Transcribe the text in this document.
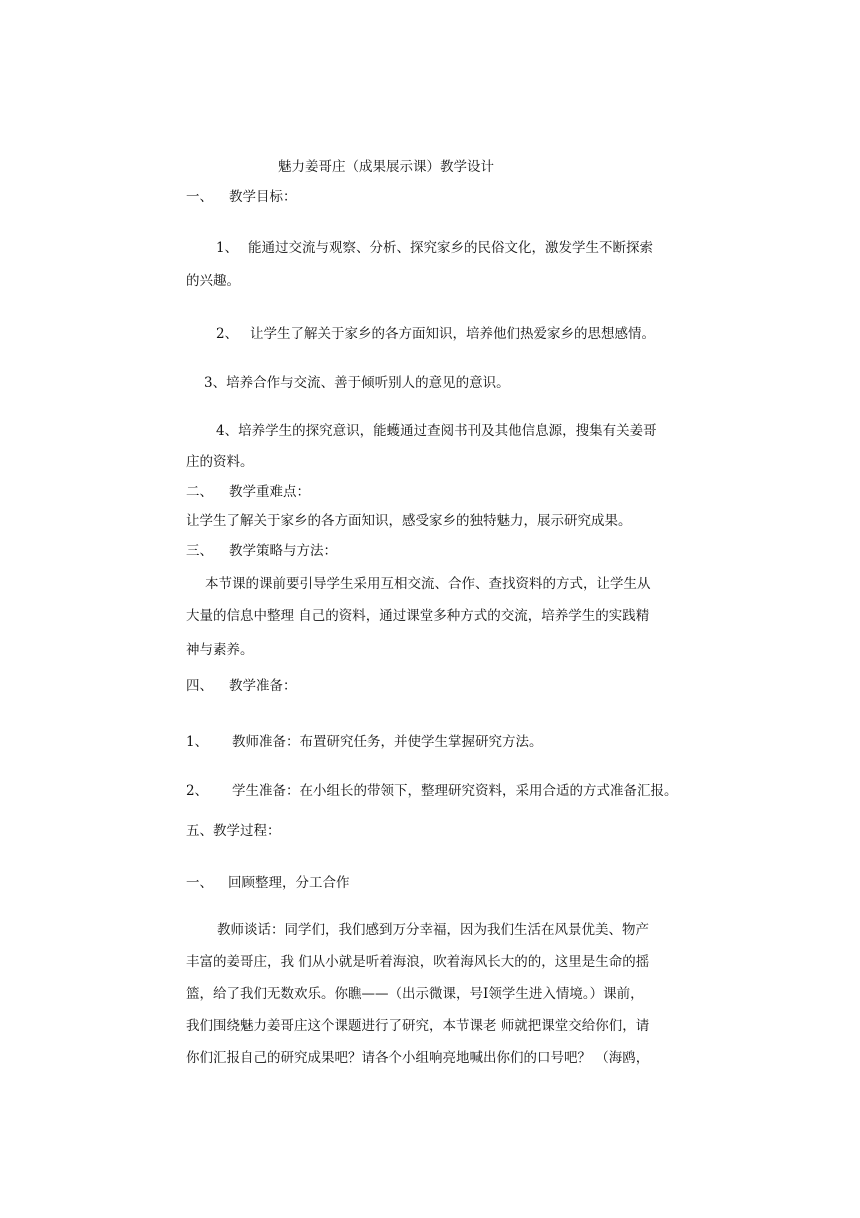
魅力姜哥庄（成果展示课）教学设计
一、 教学目标：
1、 能通过交流与观察、分析、探究家乡的民俗文化，激发学生不断探索
的兴趣。
2、 让学生了解关于家乡的各方面知识，培养他们热爱家乡的思想感情。
3、培养合作与交流、善于倾听别人的意见的意识。
4、培养学生的探究意识，能蠖通过查阅书刊及其他信息源，搜集有关姜哥
庄的资料。
二、 教学重难点：
让学生了解关于家乡的各方面知识，感受家乡的独特魅力，展示研究成果。
三、 教学策略与方法：
本节课的课前要引导学生采用互相交流、合作、查找资料的方式，让学生从
大量的信息中整理 自己的资料，通过课堂多种方式的交流，培养学生的实践精
神与素养。
四、 教学准备：
1、 教师准备：布置研究任务，并使学生掌握研究方法。
2、 学生准备：在小组长的带领下，整理研究资料，采用合适的方式准备汇报。
五、教学过程：
一、 回顾整理，分工合作
教师谈话：同学们，我们感到万分幸福，因为我们生活在风景优美、物产
丰富的姜哥庄，我 们从小就是听着海浪，吹着海风长大的的，这里是生命的摇
篮，给了我们无数欢乐。你瞧——（出示微课，号I领学生进入情境。）课前，
我们围绕魅力姜哥庄这个课题进行了研究，本节课老 师就把课堂交给你们，请
你们汇报自己的研究成果吧？请各个小组响亮地喊出你们的口号吧？ （海鸥，
